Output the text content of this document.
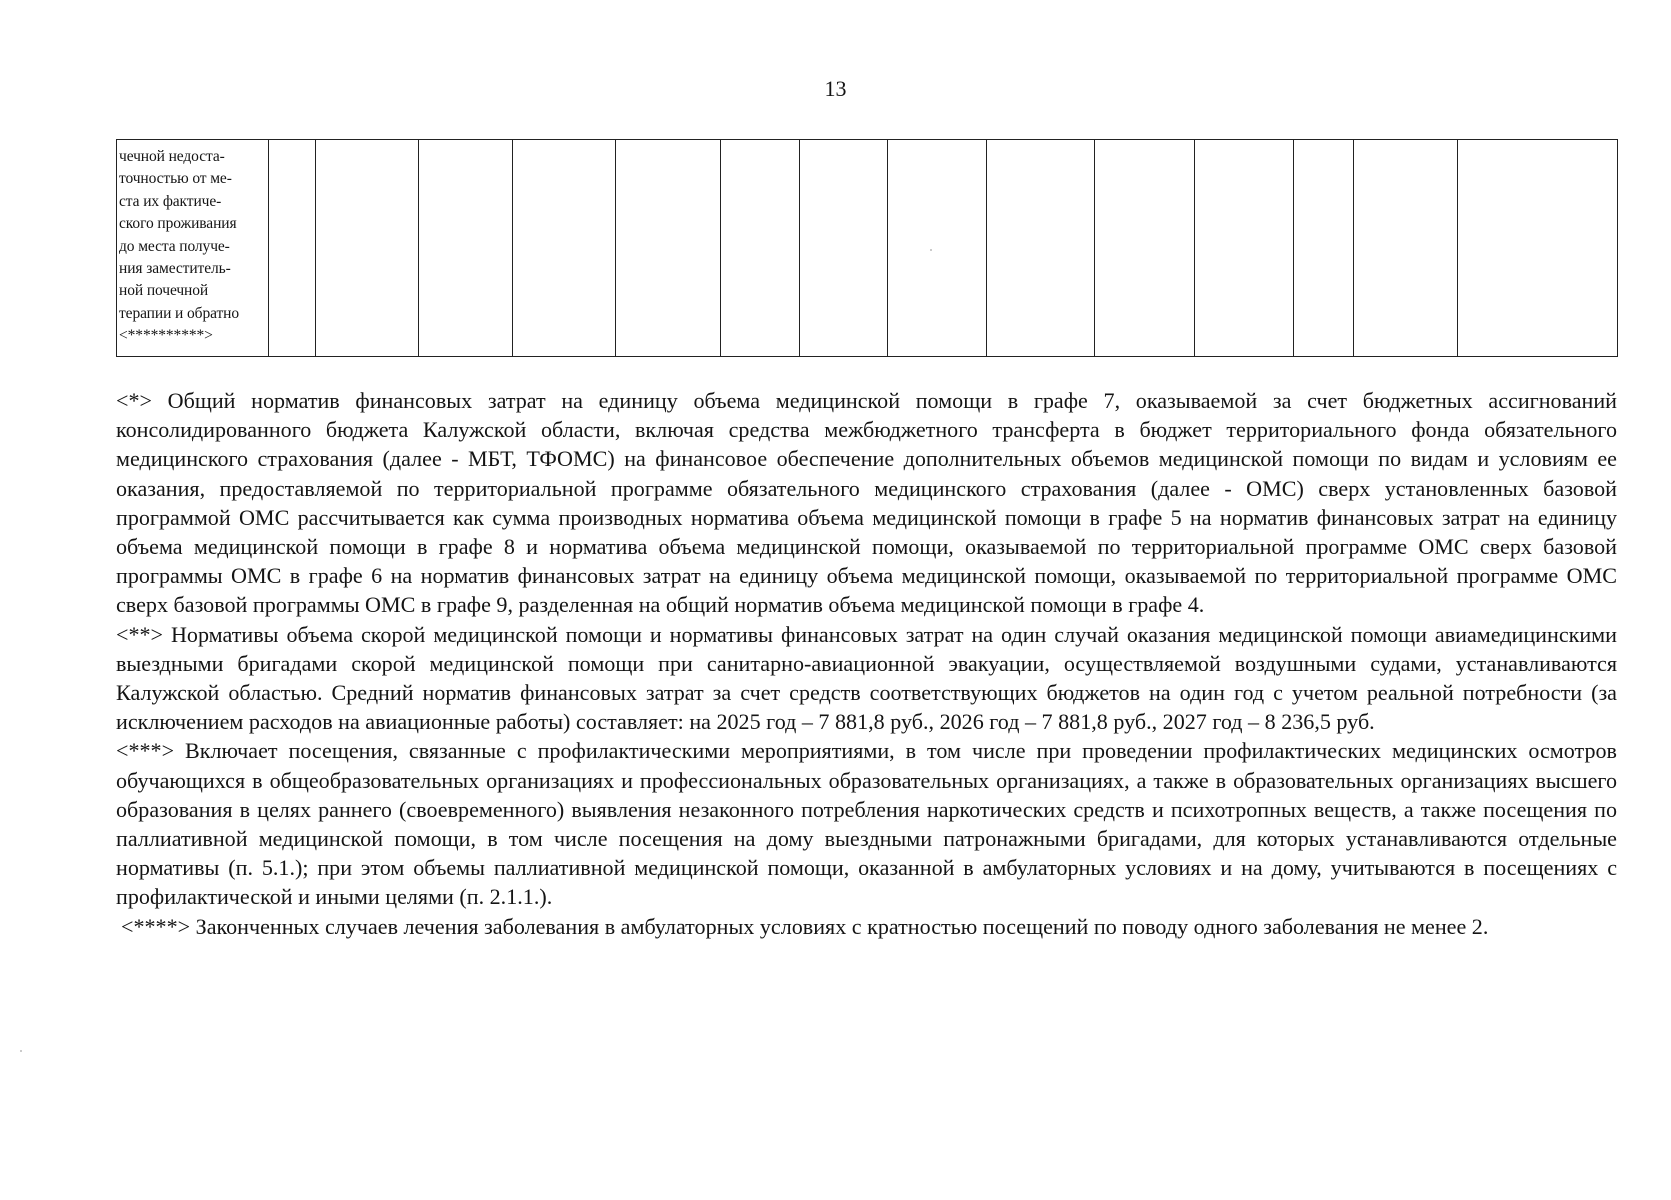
13
чечной недоста-
точностью от ме-
ста их фактиче-
ского проживания
до места получе-
ния заместитель-
ной почечной
терапии и обратно
<**********>														

<*> Общий норматив финансовых затрат на единицу объема медицинской помощи в графе 7, оказываемой за счет бюджетных ассигнований консолидированного бюджета Калужской области, включая средства межбюджетного трансферта в бюджет территориального фонда обязательного медицинского страхования (далее - МБТ, ТФОМС) на финансовое обеспечение дополнительных объемов медицинской помощи по видам и условиям ее оказания, предоставляемой по территориальной программе обязательного медицинского страхования (далее - ОМС) сверх установленных базовой программой ОМС рассчитывается как сумма производных норматива объема медицинской помощи в графе 5 на норматив финансовых затрат на единицу объема медицинской помощи в графе 8 и норматива объема медицинской помощи, оказываемой по территориальной программе ОМС сверх базовой программы ОМС в графе 6 на норматив финансовых затрат на единицу объема медицинской помощи, оказываемой по территориальной программе ОМС сверх базовой программы ОМС в графе 9, разделенная на общий норматив объема медицинской помощи в графе 4.

<**> Нормативы объема скорой медицинской помощи и нормативы финансовых затрат на один случай оказания медицинской помощи авиамедицинскими выездными бригадами скорой медицинской помощи при санитарно-авиационной эвакуации, осуществляемой воздушными судами, устанавливаются Калужской областью. Средний норматив финансовых затрат за счет средств соответствующих бюджетов на один год с учетом реальной потребности (за исключением расходов на авиационные работы) составляет: на 2025 год – 7 881,8 руб., 2026 год – 7 881,8 руб., 2027 год – 8 236,5 руб.

<***> Включает посещения, связанные с профилактическими мероприятиями, в том числе при проведении профилактических медицинских осмотров обучающихся в общеобразовательных организациях и профессиональных образовательных организациях, а также в образовательных организациях высшего образования в целях раннего (своевременного) выявления незаконного потребления наркотических средств и психотропных веществ, а также посещения по паллиативной медицинской помощи, в том числе посещения на дому выездными патронажными бригадами, для которых устанавливаются отдельные нормативы (п. 5.1.); при этом объемы паллиативной медицинской помощи, оказанной в амбулаторных условиях и на дому, учитываются в посещениях с профилактической и иными целями (п. 2.1.1.).

<****> Законченных случаев лечения заболевания в амбулаторных условиях с кратностью посещений по поводу одного заболевания не менее 2.
